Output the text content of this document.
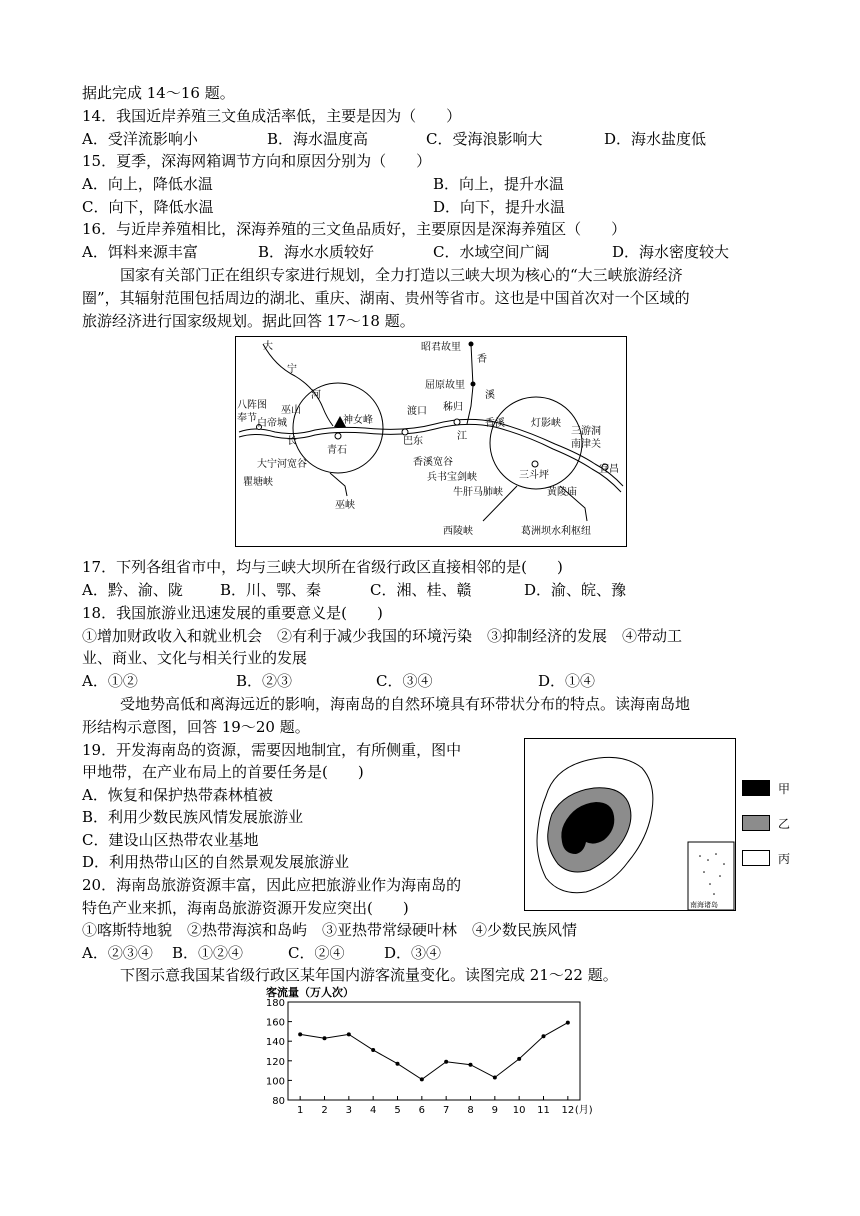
据此完成 14～16 题。
14．我国近岸养殖三文鱼成活率低，主要是因为（　　）
A．受洋流影响小	B．海水温度高	C．受海浪影响大	D．海水盐度低
15．夏季，深海网箱调节方向和原因分别为（　　）
A．向上，降低水温	B．向上，提升水温
C．向下，降低水温	D．向下，提升水温
16．与近岸养殖相比，深海养殖的三文鱼品质好，主要原因是深海养殖区（　　）
A．饵料来源丰富	B．海水水质较好	C．水域空间广阔	D．海水密度较大
国家有关部门正在组织专家进行规划，全力打造以三峡大坝为核心的“大三峡旅游经济
圈”，其辐射范围包括周边的湖北、重庆、湖南、贵州等省市。这也是中国首次对一个区域的
旅游经济进行国家级规划。据此回答 17～18 题。
大
宁
河
昭君故里
香
屈原故里
溪
八阵图
奉节
巫山
白帝城
长
神女峰
青石
渡口 秭归
巴东	江
香溪	灯影峡
三游洞
南津关
宜昌
大宁河宽谷
瞿塘峡
香溪宽谷
兵书宝剑峡
牛肝马肺峡
三斗坪
黄陵庙
巫峡
西陵峡	葛洲坝水利枢纽
17．下列各组省市中，均与三峡大坝所在省级行政区直接相邻的是(　　)
A．黔、渝、陇 B．川、鄂、秦	C．湘、桂、赣	D．渝、皖、豫
18．我国旅游业迅速发展的重要意义是(　　)
①增加财政收入和就业机会　②有利于减少我国的环境污染　③抑制经济的发展　④带动工
业、商业、文化与相关行业的发展
A．①②	B．②③	C．③④	D．①④
受地势高低和离海远近的影响，海南岛的自然环境具有环带状分布的特点。读海南岛地
形结构示意图，回答 19～20 题。
19．开发海南岛的资源，需要因地制宜，有所侧重，图中
甲地带，在产业布局上的首要任务是(　　)
A．恢复和保护热带森林植被
B．利用少数民族风情发展旅游业
C．建设山区热带农业基地
D．利用热带山区的自然景观发展旅游业
20．海南岛旅游资源丰富，因此应把旅游业作为海南岛的
特色产业来抓，海南岛旅游资源开发应突出(　　)
①喀斯特地貌　②热带海滨和岛屿　③亚热带常绿硬叶林　④少数民族风情
A．②③④ B．①②④	C．②④	D．③④
南海诸岛
甲
乙
丙
下图示意我国某省级行政区某年国内游客流量变化。读图完成 21～22 题。
客流量（万人次）
80
100
120
140
160
180
1 2 3 4 5 6 7 8 9 10 11 12 (月)
